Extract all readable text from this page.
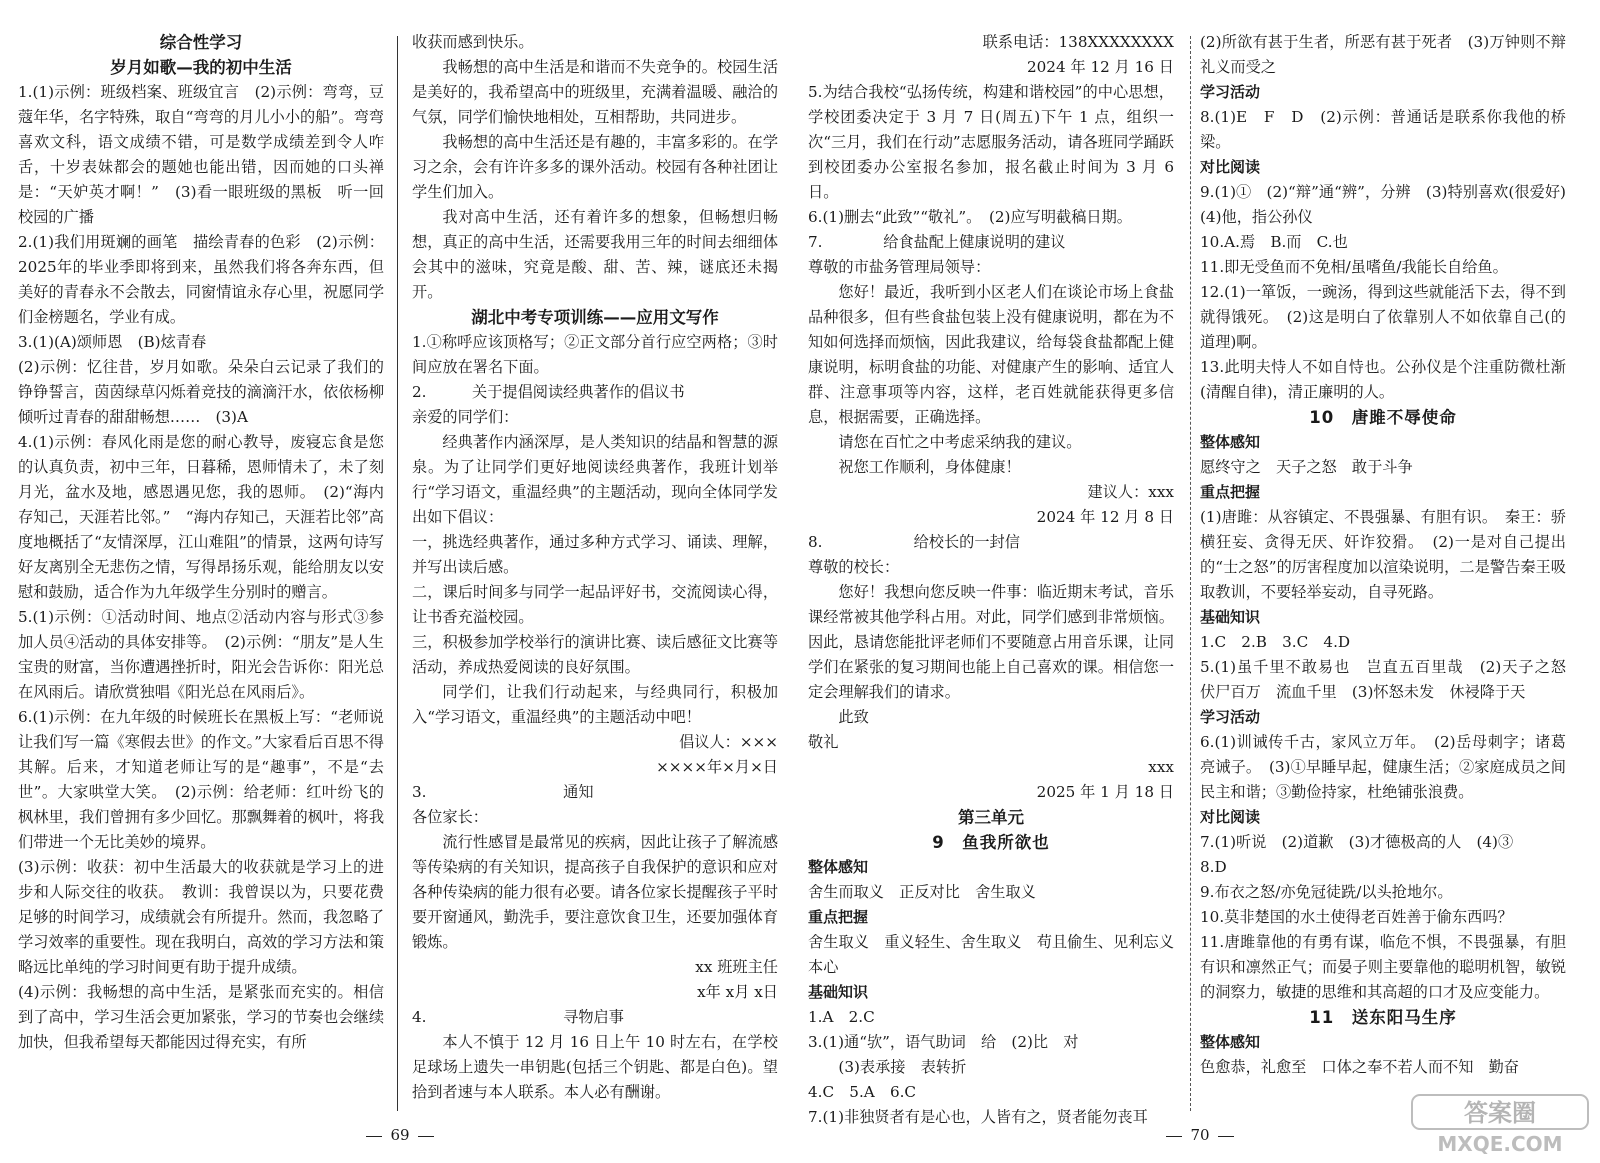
综合性学习
岁月如歌—我的初中生活
1.(1)示例：班级档案、班级宜言　(2)示例：弯弯，豆蔻年华，名字特殊，取自“弯弯的月儿小小的船”。弯弯喜欢文科，语文成绩不错，可是数学成绩差到令人咋舌，十岁表妹都会的题她也能出错，因而她的口头禅是：“天妒英才啊！”　(3)看一眼班级的黑板　听一回校园的广播
2.(1)我们用斑斓的画笔　描绘青春的色彩　(2)示例：2025年的毕业季即将到来，虽然我们将各奔东西，但美好的青春永不会散去，同窗情谊永存心里，祝愿同学们金榜题名，学业有成。
3.(1)(A)颂师恩　(B)炫青春
(2)示例：忆往昔，岁月如歌。朵朵白云记录了我们的铮铮誓言，茵茵绿草闪烁着竞技的滴滴汗水，依依杨柳倾听过青春的甜甜畅想……　(3)A
4.(1)示例：春风化雨是您的耐心教导，废寝忘食是您的认真负责，初中三年，日暮稀，恩师情未了，未了刻月光，盆水及地，感恩遇见您，我的恩师。　(2)“海内存知己，天涯若比邻。”　“海内存知己，天涯若比邻”高度地概括了“友情深厚，江山难阻”的情景，这两句诗写好友离别全无悲伤之情，写得昂扬乐观，能给朋友以安慰和鼓励，适合作为九年级学生分别时的赠言。
5.(1)示例：①活动时间、地点②活动内容与形式③参加人员④活动的具体安排等。　(2)示例：“朋友”是人生宝贵的财富，当你遭遇挫折时，阳光会告诉你：阳光总在风雨后。请欣赏独唱《阳光总在风雨后》。
6.(1)示例：在九年级的时候班长在黑板上写：“老师说让我们写一篇《寒假去世》的作文。”大家看后百思不得其解。后来，才知道老师让写的是“趣事”，不是“去世”。大家哄堂大笑。　(2)示例：给老师：红叶纷飞的枫林里，我们曾拥有多少回忆。那飘舞着的枫叶，将我们带进一个无比美妙的境界。
(3)示例：收获：初中生活最大的收获就是学习上的进步和人际交往的收获。　教训：我曾误以为，只要花费足够的时间学习，成绩就会有所提升。然而，我忽略了学习效率的重要性。现在我明白，高效的学习方法和策略远比单纯的学习时间更有助于提升成绩。
(4)示例：我畅想的高中生活，是紧张而充实的。相信到了高中，学习生活会更加紧张，学习的节奏也会继续加快，但我希望每天都能因过得充实，有所
收获而感到快乐。
我畅想的高中生活是和谐而不失竞争的。校园生活是美好的，我希望高中的班级里，充满着温暖、融洽的气氛，同学们愉快地相处，互相帮助，共同进步。
我畅想的高中生活还是有趣的，丰富多彩的。在学习之余，会有许许多多的课外活动。校园有各种社团让学生们加入。
我对高中生活，还有着许多的想象，但畅想归畅想，真正的高中生活，还需要我用三年的时间去细细体会其中的滋味，究竟是酸、甜、苦、辣，谜底还未揭开。
湖北中考专项训练——应用文写作
1.①称呼应该顶格写；②正文部分首行应空两格；③时间应放在署名下面。
2.　　　关于提倡阅读经典著作的倡议书
亲爱的同学们：
经典著作内涵深厚，是人类知识的结晶和智慧的源泉。为了让同学们更好地阅读经典著作，我班计划举行“学习语文，重温经典”的主题活动，现向全体同学发出如下倡议：
一，挑选经典著作，通过多种方式学习、诵读、理解，并写出读后感。
二，课后时间多与同学一起品评好书，交流阅读心得，让书香充溢校园。
三，积极参加学校举行的演讲比赛、读后感征文比赛等活动，养成热爱阅读的良好氛围。
同学们，让我们行动起来，与经典同行，积极加入“学习语文，重温经典”的主题活动中吧！
倡议人：×××　
××××年×月×日
3.　　　　　　　　　通知
各位家长：
流行性感冒是最常见的疾病，因此让孩子了解流感等传染病的有关知识，提高孩子自我保护的意识和应对各种传染病的能力很有必要。请各位家长提醒孩子平时要开窗通风，勤洗手，要注意饮食卫生，还要加强体育锻炼。
xx 班班主任
x年 x月 x日
4.　　　　　　　　　寻物启事
本人不慎于 12 月 16 日上午 10 时左右，在学校足球场上遗失一串钥匙(包括三个钥匙、都是白色)。望拾到者速与本人联系。本人必有酬谢。
69
联系电话：138XXXXXXXX
2024 年 12 月 16 日
5.为结合我校“弘扬传统，构建和谐校园”的中心思想，学校团委决定于 3 月 7 日(周五)下午 1 点，组织一次“三月，我们在行动”志愿服务活动，请各班同学踊跃到校团委办公室报名参加，报名截止时间为 3 月 6 日。
6.(1)删去“此致”“敬礼”。　(2)应写明截稿日期。
7.　　　　给食盐配上健康说明的建议
尊敬的市盐务管理局领导：
您好！最近，我听到小区老人们在谈论市场上食盐品种很多，但有些食盐包装上没有健康说明，都在为不知如何选择而烦恼，因此我建议，给每袋食盐都配上健康说明，标明食盐的功能、对健康产生的影响、适宜人群、注意事项等内容，这样，老百姓就能获得更多信息，根据需要，正确选择。
请您在百忙之中考虑采纳我的建议。
祝您工作顺利，身体健康！
建议人：xxx
2024 年 12 月 8 日
8.　　　　　　给校长的一封信
尊敬的校长：
您好！我想向您反映一件事：临近期末考试，音乐课经常被其他学科占用。对此，同学们感到非常烦恼。因此，恳请您能批评老师们不要随意占用音乐课，让同学们在紧张的复习期间也能上自己喜欢的课。相信您一定会理解我们的请求。
此致
敬礼
xxx
2025 年 1 月 18 日
第三单元
9　鱼我所欲也
整体感知
舍生而取义　正反对比　舍生取义
重点把握
舍生取义　重义轻生、舍生取义　苟且偷生、见利忘义　本心
基础知识
1.A　2.C
3.(1)通“欤”，语气助词　给　(2)比　对
(3)表承接　表转折
4.C　5.A　6.C
7.(1)非独贤者有是心也，人皆有之，贤者能勿丧耳
(2)所欲有甚于生者，所恶有甚于死者　(3)万钟则不辩礼义而受之
学习活动
8.(1)E　F　D　(2)示例：普通话是联系你我他的桥梁。
对比阅读
9.(1)①　(2)“辩”通“辨”，分辨　(3)特别喜欢(很爱好)　(4)他，指公孙仪
10.A.焉　B.而　C.也
11.即无受鱼而不免相/虽嗜鱼/我能长自给鱼。
12.(1)一箪饭，一豌汤，得到这些就能活下去，得不到就得饿死。　(2)这是明白了依靠别人不如依靠自己(的道理)啊。
13.此明夫恃人不如自恃也。公孙仪是个注重防微杜渐(清醒自律)，清正廉明的人。
10　唐雎不辱使命
整体感知
愿终守之　天子之怒　敢于斗争
重点把握
(1)唐雎：从容镇定、不畏强暴、有胆有识。　秦王：骄横狂妄、贪得无厌、奸诈狡猾。　(2)一是对自己提出的“士之怒”的厉害程度加以渲染说明，二是警告秦王吸取教训，不要轻举妄动，自寻死路。
基础知识
1.C　2.B　3.C　4.D
5.(1)虽千里不敢易也　岂直五百里哉　(2)天子之怒　伏尸百万　流血千里　(3)怀怒未发　休祲降于天
学习活动
6.(1)训诫传千古，家风立万年。　(2)岳母刺字；诸葛亮诫子。　(3)①早睡早起，健康生活；②家庭成员之间民主和谐；③勤俭持家，杜绝铺张浪费。
对比阅读
7.(1)听说　(2)道歉　(3)才德极高的人　(4)③
8.D
9.布衣之怒/亦免冠徒跣/以头抢地尔。
10.莫非楚国的水土使得老百姓善于偷东西吗？
11.唐雎靠他的有勇有谋，临危不惧，不畏强暴，有胆有识和凛然正气；而晏子则主要靠他的聪明机智，敏锐的洞察力，敏捷的思维和其高超的口才及应变能力。
11　送东阳马生序
整体感知
色愈恭，礼愈至　口体之奉不若人而不知　勤奋
70
答案圈
MXQE.COM
